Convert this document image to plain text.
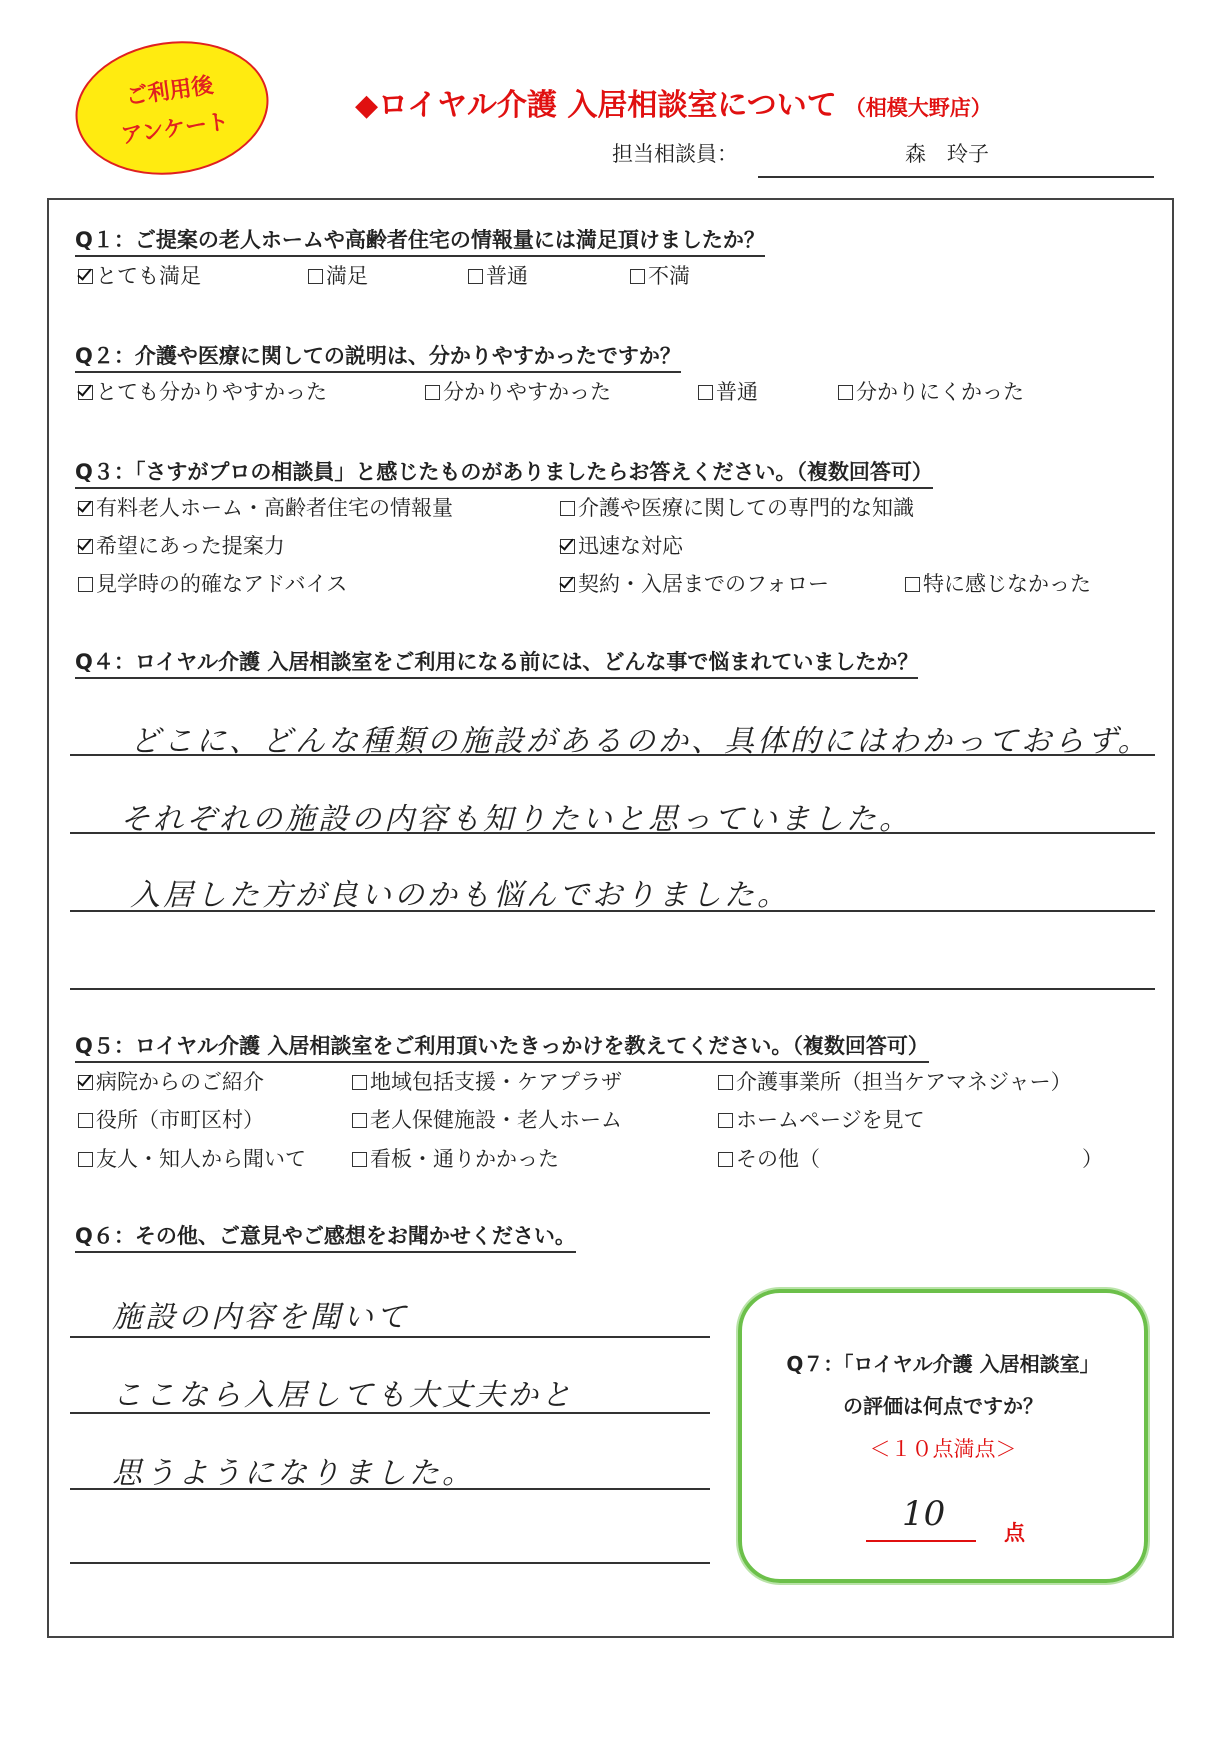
ご利用後
アンケート
◆ロイヤル介護 入居相談室について （相模大野店）
担当相談員：	森　玲子
Q１：ご提案の老人ホームや高齢者住宅の情報量には満足頂けましたか？
とても満足	満足	普通	不満
Q２：介護や医療に関しての説明は、分かりやすかったですか？
とても分かりやすかった	分かりやすかった	普通	分かりにくかった
Q３：「さすがプロの相談員」と感じたものがありましたらお答えください。（複数回答可）
有料老人ホーム・高齢者住宅の情報量	介護や医療に関しての専門的な知識
希望にあった提案力	迅速な対応
見学時の的確なアドバイス	契約・入居までのフォロー	特に感じなかった
Q４：ロイヤル介護 入居相談室をご利用になる前には、どんな事で悩まれていましたか？
どこに、どんな種類の施設があるのか、具体的にはわかっておらず。
それぞれの施設の内容も知りたいと思っていました。
入居した方が良いのかも悩んでおりました。
Q５：ロイヤル介護 入居相談室をご利用頂いたきっかけを教えてください。（複数回答可）
病院からのご紹介	地域包括支援・ケアプラザ	介護事業所（担当ケアマネジャー）
役所（市町区村）	老人保健施設・老人ホーム	ホームページを見て
友人・知人から聞いて	看板・通りかかった	その他（	）
Q６：その他、ご意見やご感想をお聞かせください。
施設の内容を聞いて
ここなら入居しても大丈夫かと
思うようになりました。
Q７：「ロイヤル介護 入居相談室」
の評価は何点ですか？
＜１０点満点＞
10	点
